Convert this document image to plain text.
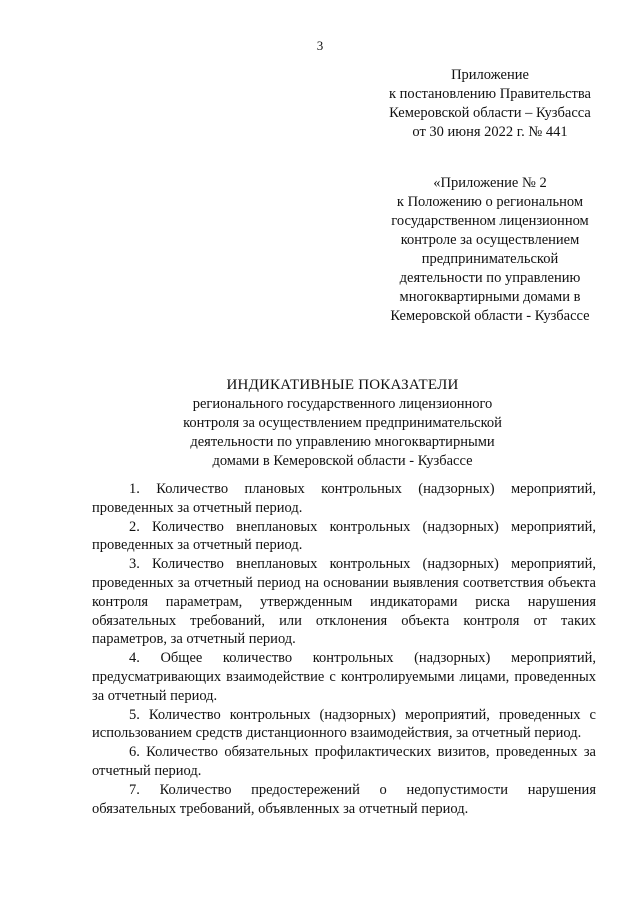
3
Приложение
к постановлению Правительства
Кемеровской области – Кузбасса
от 30 июня 2022 г. № 441
«Приложение № 2
к Положению о региональном
государственном лицензионном
контроле за осуществлением
предпринимательской
деятельности по управлению
многоквартирными домами в
Кемеровской области - Кузбассе
ИНДИКАТИВНЫЕ ПОКАЗАТЕЛИ
регионального государственного лицензионного
контроля за осуществлением предпринимательской
деятельности по управлению многоквартирными
домами в Кемеровской области - Кузбассе

1. Количество плановых контрольных (надзорных) мероприятий, проведенных за отчетный период.

2. Количество внеплановых контрольных (надзорных) мероприятий, проведенных за отчетный период.

3. Количество внеплановых контрольных (надзорных) мероприятий, проведенных за отчетный период на основании выявления соответствия объекта контроля параметрам, утвержденным индикаторами риска нарушения обязательных требований, или отклонения объекта контроля от таких параметров, за отчетный период.

4. Общее количество контрольных (надзорных) мероприятий, предусматривающих взаимодействие с контролируемыми лицами, проведенных за отчетный период.

5. Количество контрольных (надзорных) мероприятий, проведенных с использованием средств дистанционного взаимодействия, за отчетный период.

6. Количество обязательных профилактических визитов, проведенных за отчетный период.

7. Количество предостережений о недопустимости нарушения обязательных требований, объявленных за отчетный период.
